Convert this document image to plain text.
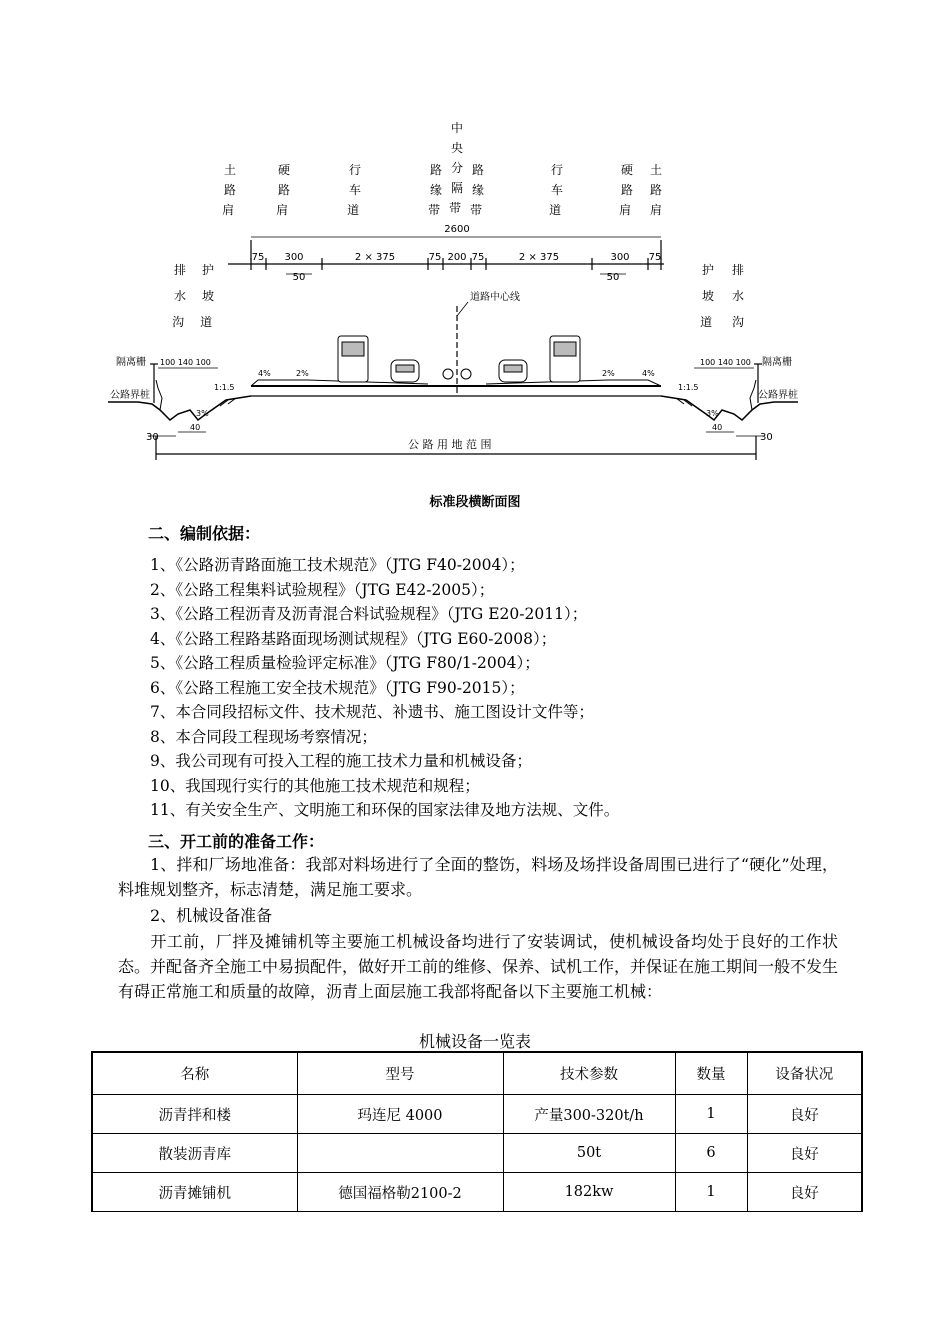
土路肩 硬路肩 行车道 路缘带 中央分隔带 路缘带 行车道 硬路肩 土路肩
排水沟 护坡道 护坡道 排水沟
75 300	2 × 375	75 200 75	2 × 375	300 75
50	50
2600
道路中心线
隔离栅	隔离栅
公路界桩	公路界桩
100 140 100	100 140 100
1:1.5	1:1.5
4%	2%	2%	4%
3%	3%
40	40
30	30
公 路 用 地 范 围
标准段横断面图
二、编制依据：
1、《公路沥青路面施工技术规范》（JTG F40-2004）；
2、《公路工程集料试验规程》（JTG E42-2005）；
3、《公路工程沥青及沥青混合料试验规程》（JTG E20-2011）；
4、《公路工程路基路面现场测试规程》（JTG E60-2008）；
5、《公路工程质量检验评定标准》（JTG F80/1-2004）；
6、《公路工程施工安全技术规范》（JTG F90-2015）；
7、本合同段招标文件、技术规范、补遗书、施工图设计文件等；
8、本合同段工程现场考察情况；
9、我公司现有可投入工程的施工技术力量和机械设备；
10、我国现行实行的其他施工技术规范和规程；
11、有关安全生产、文明施工和环保的国家法律及地方法规、文件。
三、开工前的准备工作：
1、拌和厂场地准备：我部对料场进行了全面的整饬，料场及场拌设备周围已进行了“硬化”处理，料堆规划整齐，标志清楚，满足施工要求。
2、机械设备准备
开工前，厂拌及摊铺机等主要施工机械设备均进行了安装调试，使机械设备均处于良好的工作状态。并配备齐全施工中易损配件，做好开工前的维修、保养、试机工作，并保证在施工期间一般不发生有碍正常施工和质量的故障，沥青上面层施工我部将配备以下主要施工机械：
机械设备一览表
名称	型号	技术参数	数量	设备状况
沥青拌和楼	玛连尼 4000	产量300-320t/h	1	良好
散装沥青库		50t	6	良好
沥青摊铺机	德国福格勒2100-2	182kw	1	良好
